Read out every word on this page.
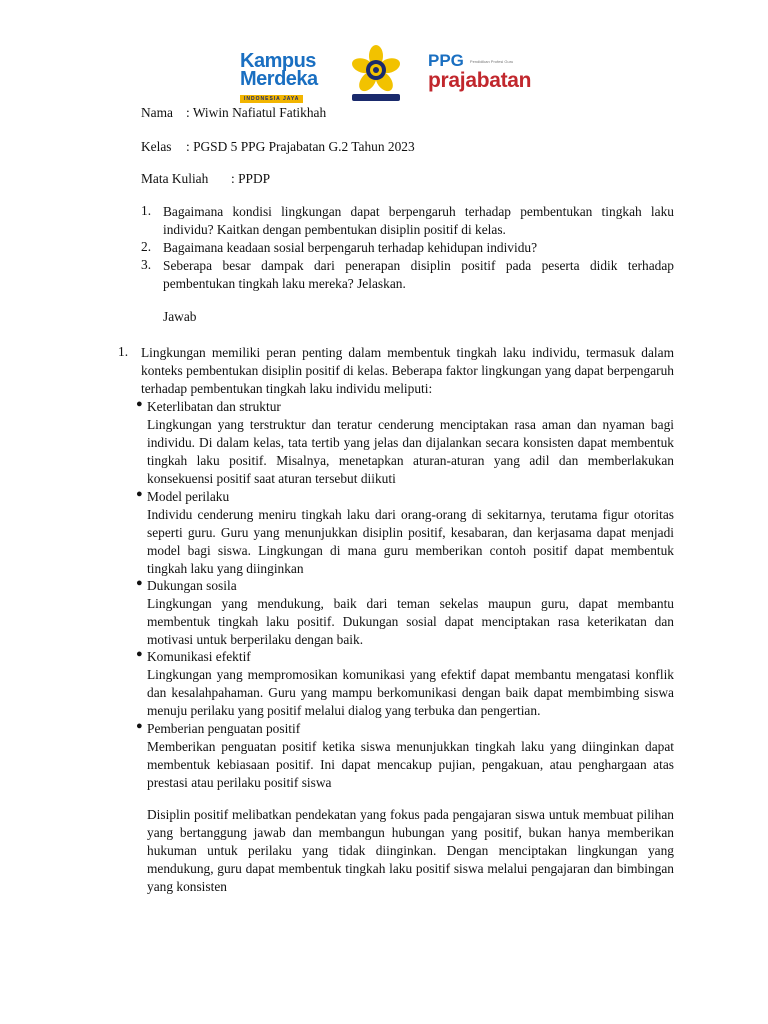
Kampus
Merdeka
INDONESIA JAYA
PPG Pendidikan Profesi Guru
prajabatan
Nama : Wiwin Nafiatul Fatikhah
Kelas : PGSD 5 PPG Prajabatan G.2 Tahun 2023
Mata Kuliah : PPDP
1. Bagaimana kondisi lingkungan dapat berpengaruh terhadap pembentukan tingkah laku individu? Kaitkan dengan pembentukan disiplin positif di kelas.
2. Bagaimana keadaan sosial berpengaruh terhadap kehidupan individu?
3. Seberapa besar dampak dari penerapan disiplin positif pada peserta didik terhadap pembentukan tingkah laku mereka? Jelaskan.
Jawab
1. Lingkungan memiliki peran penting dalam membentuk tingkah laku individu, termasuk dalam konteks pembentukan disiplin positif di kelas. Beberapa faktor lingkungan yang dapat berpengaruh terhadap pembentukan tingkah laku individu meliputi:
● Keterlibatan dan struktur
Lingkungan yang terstruktur dan teratur cenderung menciptakan rasa aman dan nyaman bagi individu. Di dalam kelas, tata tertib yang jelas dan dijalankan secara konsisten dapat membentuk tingkah laku positif. Misalnya, menetapkan aturan-aturan yang adil dan memberlakukan konsekuensi positif saat aturan tersebut diikuti
● Model perilaku
Individu cenderung meniru tingkah laku dari orang-orang di sekitarnya, terutama figur otoritas seperti guru. Guru yang menunjukkan disiplin positif, kesabaran, dan kerjasama dapat menjadi model bagi siswa. Lingkungan di mana guru memberikan contoh positif dapat membentuk tingkah laku yang diinginkan
● Dukungan sosila
Lingkungan yang mendukung, baik dari teman sekelas maupun guru, dapat membantu membentuk tingkah laku positif. Dukungan sosial dapat menciptakan rasa keterikatan dan motivasi untuk berperilaku dengan baik.
● Komunikasi efektif
Lingkungan yang mempromosikan komunikasi yang efektif dapat membantu mengatasi konflik dan kesalahpahaman. Guru yang mampu berkomunikasi dengan baik dapat membimbing siswa menuju perilaku yang positif melalui dialog yang terbuka dan pengertian.
● Pemberian penguatan positif
Memberikan penguatan positif ketika siswa menunjukkan tingkah laku yang diinginkan dapat membentuk kebiasaan positif. Ini dapat mencakup pujian, pengakuan, atau penghargaan atas prestasi atau perilaku positif siswa
Disiplin positif melibatkan pendekatan yang fokus pada pengajaran siswa untuk membuat pilihan yang bertanggung jawab dan membangun hubungan yang positif, bukan hanya memberikan hukuman untuk perilaku yang tidak diinginkan. Dengan menciptakan lingkungan yang mendukung, guru dapat membentuk tingkah laku positif siswa melalui pengajaran dan bimbingan yang konsisten
